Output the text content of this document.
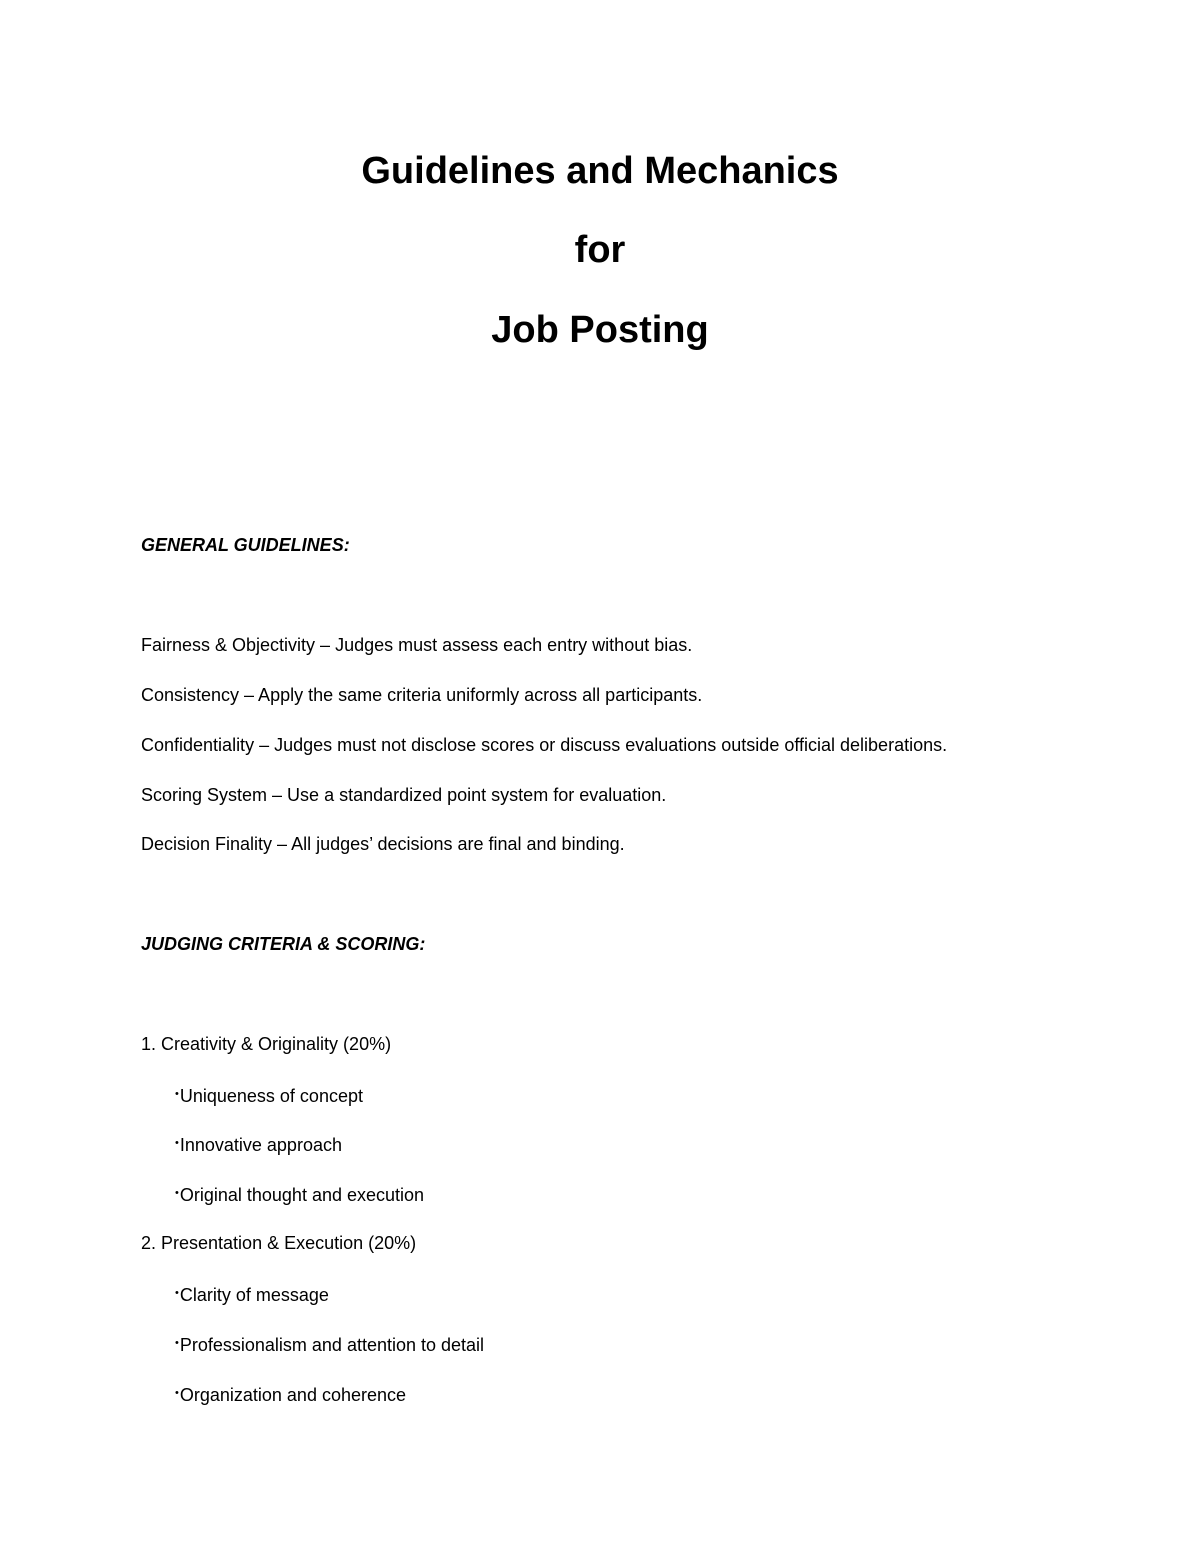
Guidelines and Mechanics
for
Job Posting
GENERAL GUIDELINES:
Fairness & Objectivity – Judges must assess each entry without bias.
Consistency – Apply the same criteria uniformly across all participants.
Confidentiality – Judges must not disclose scores or discuss evaluations outside official deliberations.
Scoring System – Use a standardized point system for evaluation.
Decision Finality – All judges’ decisions are final and binding.
JUDGING CRITERIA & SCORING:
1. Creativity & Originality (20%)
•Uniqueness of concept
•Innovative approach
•Original thought and execution
2. Presentation & Execution (20%)
•Clarity of message
•Professionalism and attention to detail
•Organization and coherence
